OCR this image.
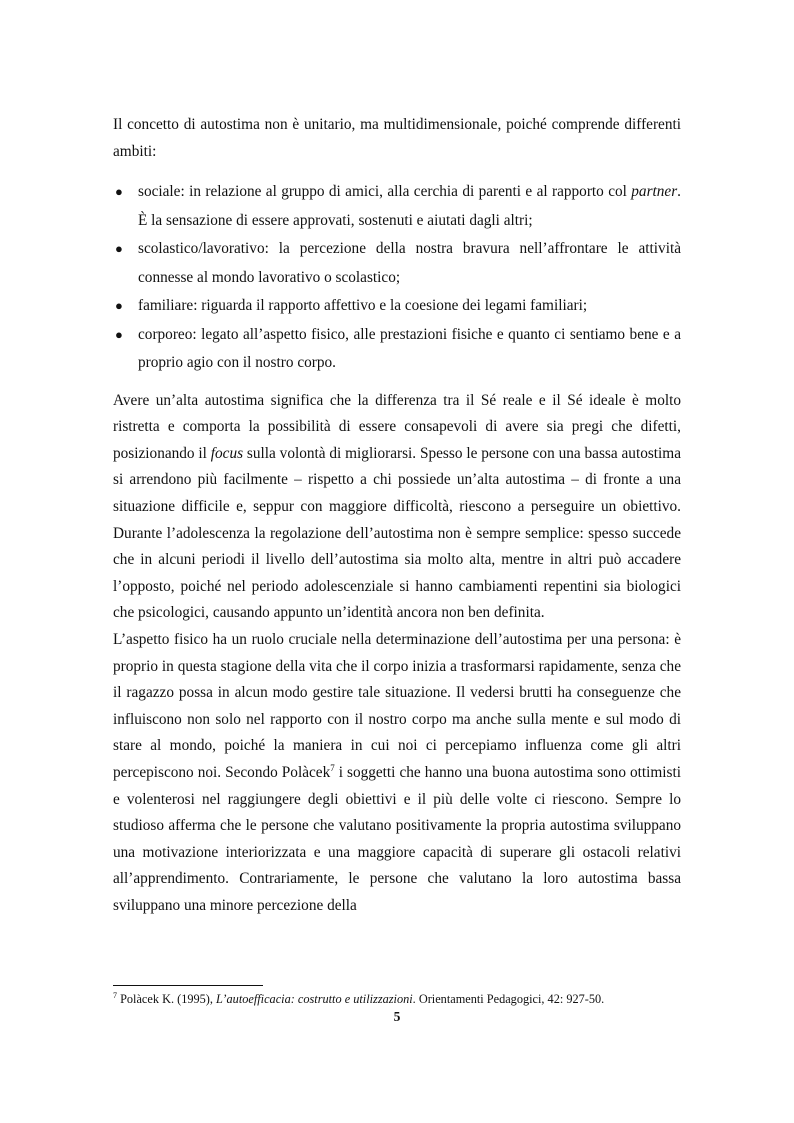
Il concetto di autostima non è unitario, ma multidimensionale, poiché comprende differenti ambiti:

● sociale: in relazione al gruppo di amici, alla cerchia di parenti e al rapporto col partner. È la sensazione di essere approvati, sostenuti e aiutati dagli altri;
● scolastico/lavorativo: la percezione della nostra bravura nell’affrontare le attività connesse al mondo lavorativo o scolastico;
● familiare: riguarda il rapporto affettivo e la coesione dei legami familiari;
● corporeo: legato all’aspetto fisico, alle prestazioni fisiche e quanto ci sentiamo bene e a proprio agio con il nostro corpo.

Avere un’alta autostima significa che la differenza tra il Sé reale e il Sé ideale è molto ristretta e comporta la possibilità di essere consapevoli di avere sia pregi che difetti, posizionando il focus sulla volontà di migliorarsi. Spesso le persone con una bassa autostima si arrendono più facilmente – rispetto a chi possiede un’alta autostima – di fronte a una situazione difficile e, seppur con maggiore difficoltà, riescono a perseguire un obiettivo. Durante l’adolescenza la regolazione dell’autostima non è sempre semplice: spesso succede che in alcuni periodi il livello dell’autostima sia molto alta, mentre in altri può accadere l’opposto, poiché nel periodo adolescenziale si hanno cambiamenti repentini sia biologici che psicologici, causando appunto un’identità ancora non ben definita.

L’aspetto fisico ha un ruolo cruciale nella determinazione dell’autostima per una persona: è proprio in questa stagione della vita che il corpo inizia a trasformarsi rapidamente, senza che il ragazzo possa in alcun modo gestire tale situazione. Il vedersi brutti ha conseguenze che influiscono non solo nel rapporto con il nostro corpo ma anche sulla mente e sul modo di stare al mondo, poiché la maniera in cui noi ci percepiamo influenza come gli altri percepiscono noi. Secondo Polàcek$^7$ i soggetti che hanno una buona autostima sono ottimisti e volenterosi nel raggiungere degli obiettivi e il più delle volte ci riescono. Sempre lo studioso afferma che le persone che valutano positivamente la propria autostima sviluppano una motivazione interiorizzata e una maggiore capacità di superare gli ostacoli relativi all’apprendimento. Contrariamente, le persone che valutano la loro autostima bassa sviluppano una minore percezione della

$^7$ Polàcek K. (1995), L’autoefficacia: costrutto e utilizzazioni. Orientamenti Pedagogici, 42: 927-50.
5
